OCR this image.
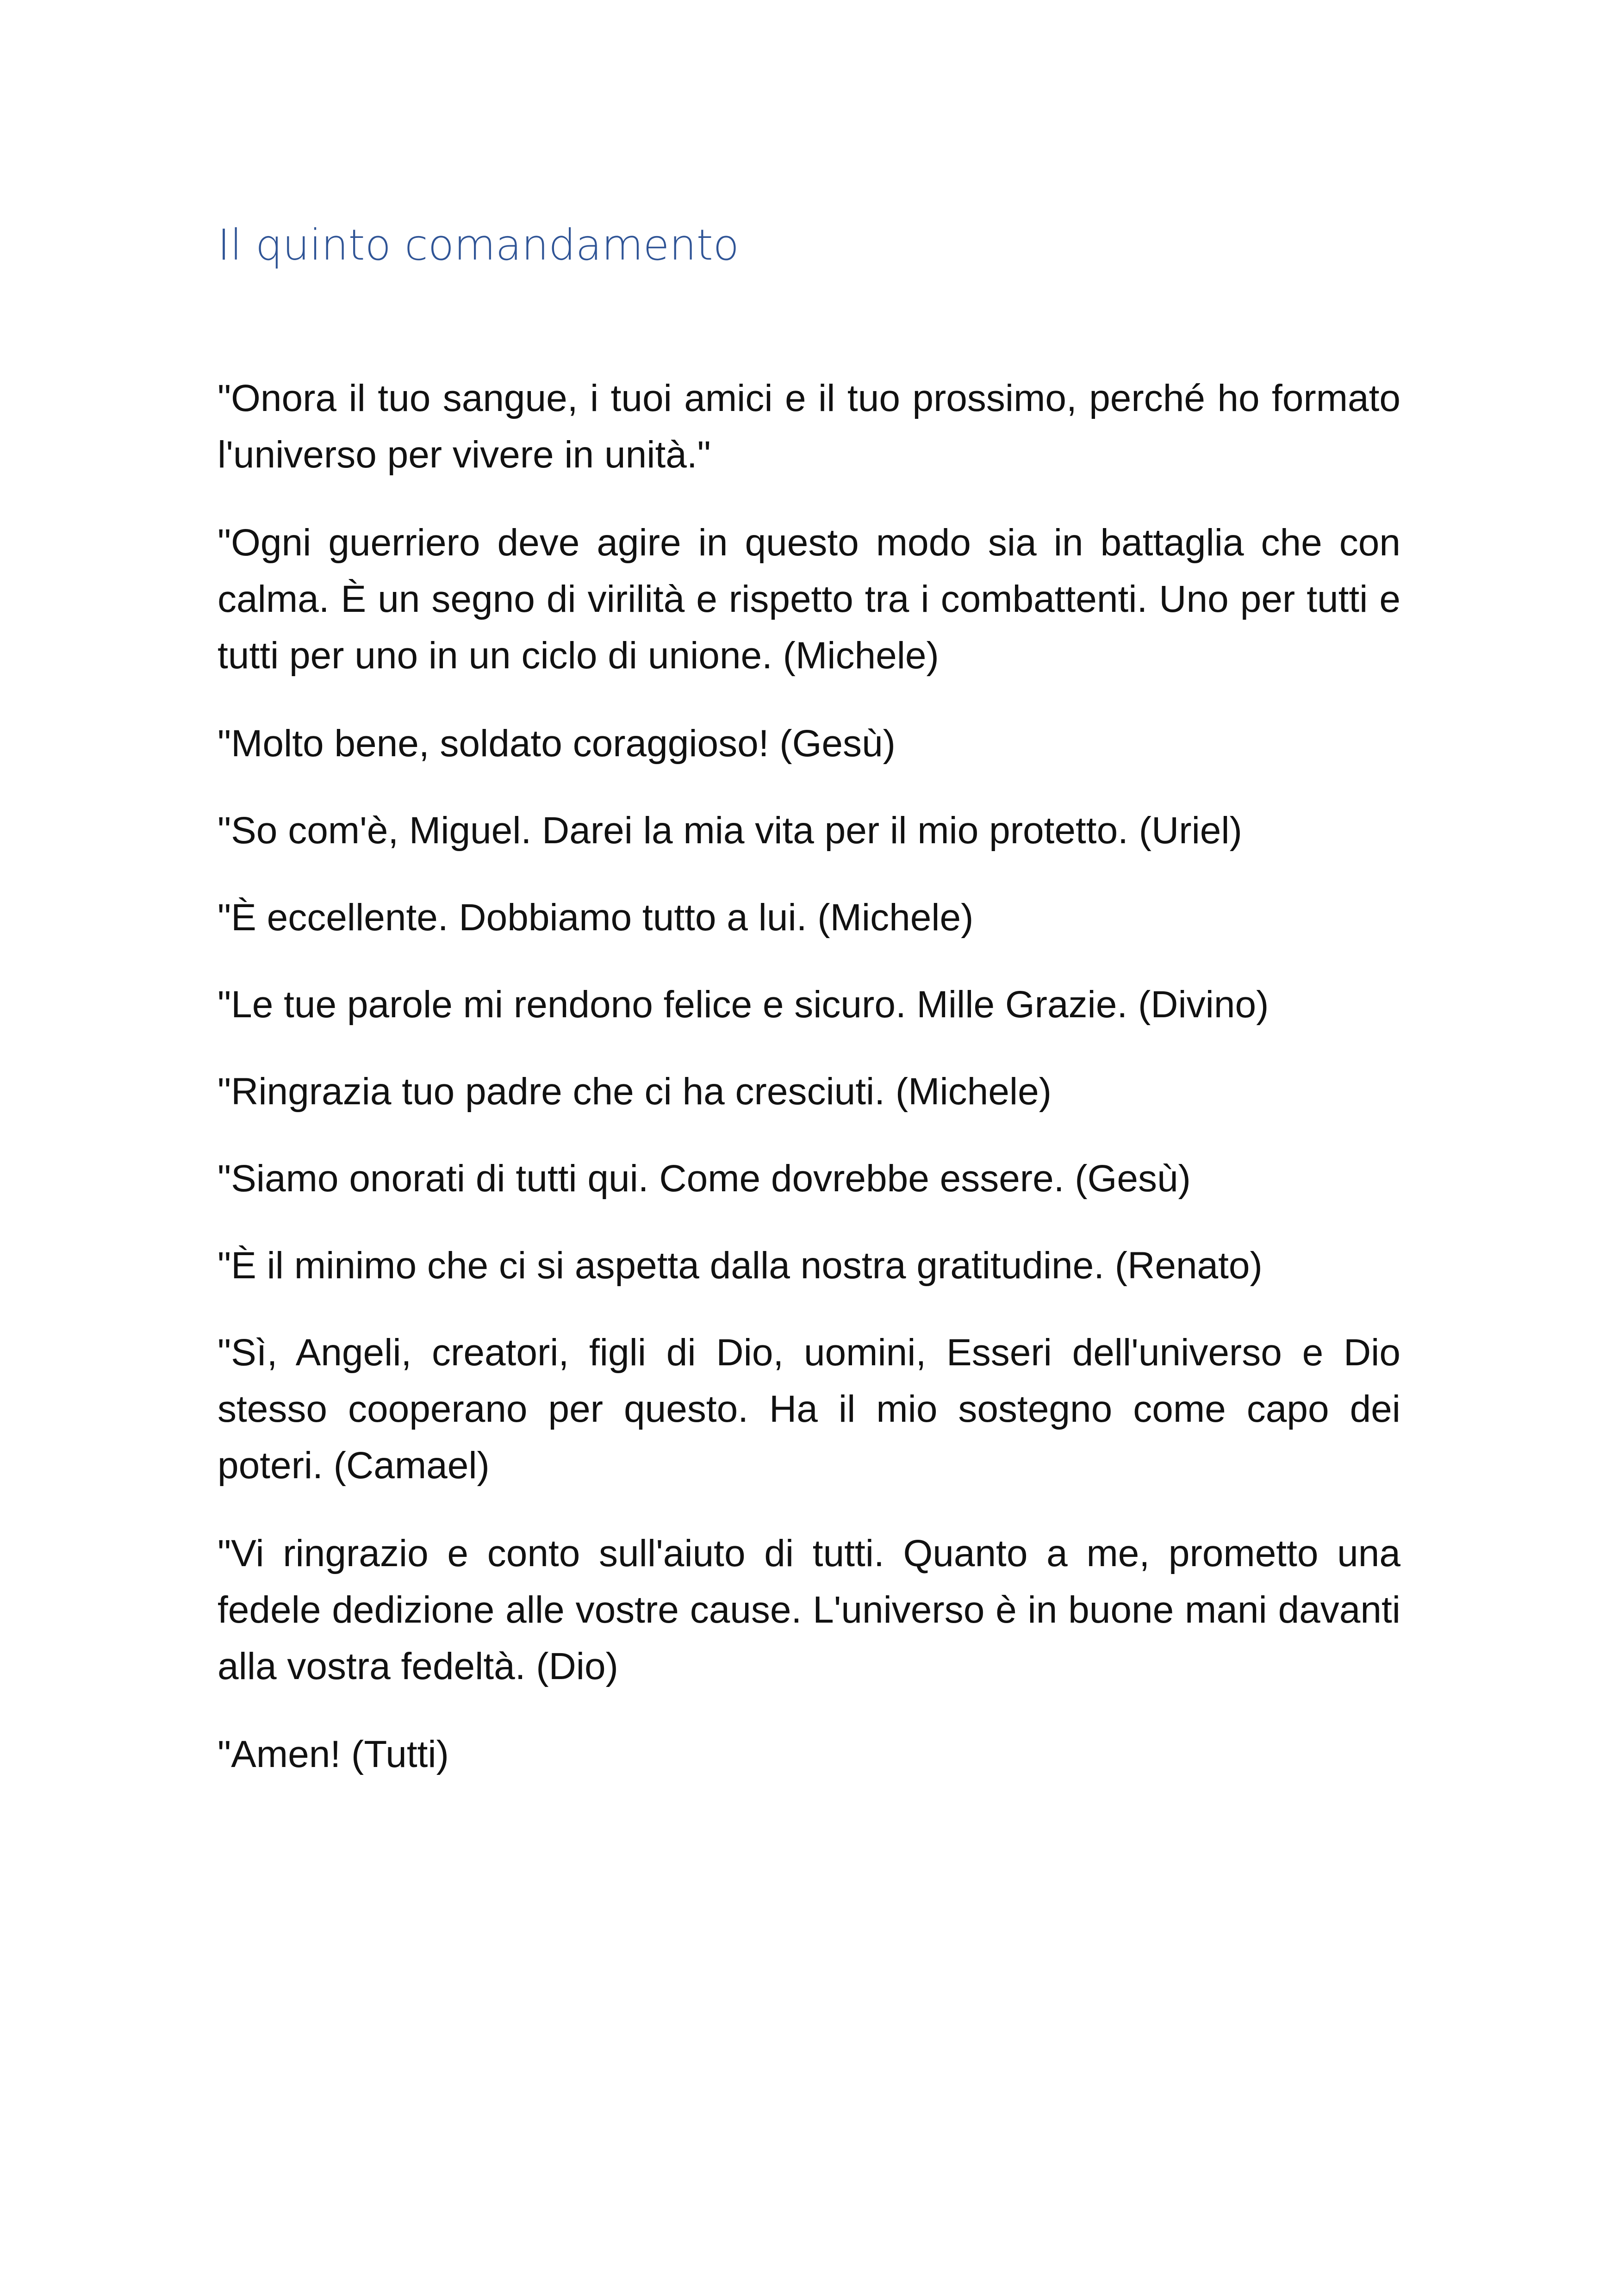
Il quinto comandamento

"Onora il tuo sangue, i tuoi amici e il tuo prossimo, perché ho formato l'universo per vivere in unità."

"Ogni guerriero deve agire in questo modo sia in battaglia che con calma. È un segno di virilità e rispetto tra i combattenti. Uno per tutti e tutti per uno in un ciclo di unione. (Michele)

"Molto bene, soldato coraggioso! (Gesù)

"So com'è, Miguel. Darei la mia vita per il mio protetto. (Uriel)

"È eccellente. Dobbiamo tutto a lui. (Michele)

"Le tue parole mi rendono felice e sicuro. Mille Grazie. (Divino)

"Ringrazia tuo padre che ci ha cresciuti. (Michele)

"Siamo onorati di tutti qui. Come dovrebbe essere. (Gesù)

"È il minimo che ci si aspetta dalla nostra gratitudine. (Renato)

"Sì, Angeli, creatori, figli di Dio, uomini, Esseri dell'universo e Dio stesso cooperano per questo. Ha il mio sostegno come capo dei poteri. (Camael)

"Vi ringrazio e conto sull'aiuto di tutti. Quanto a me, prometto una fedele dedizione alle vostre cause. L'universo è in buone mani davanti alla vostra fedeltà. (Dio)

"Amen! (Tutti)
